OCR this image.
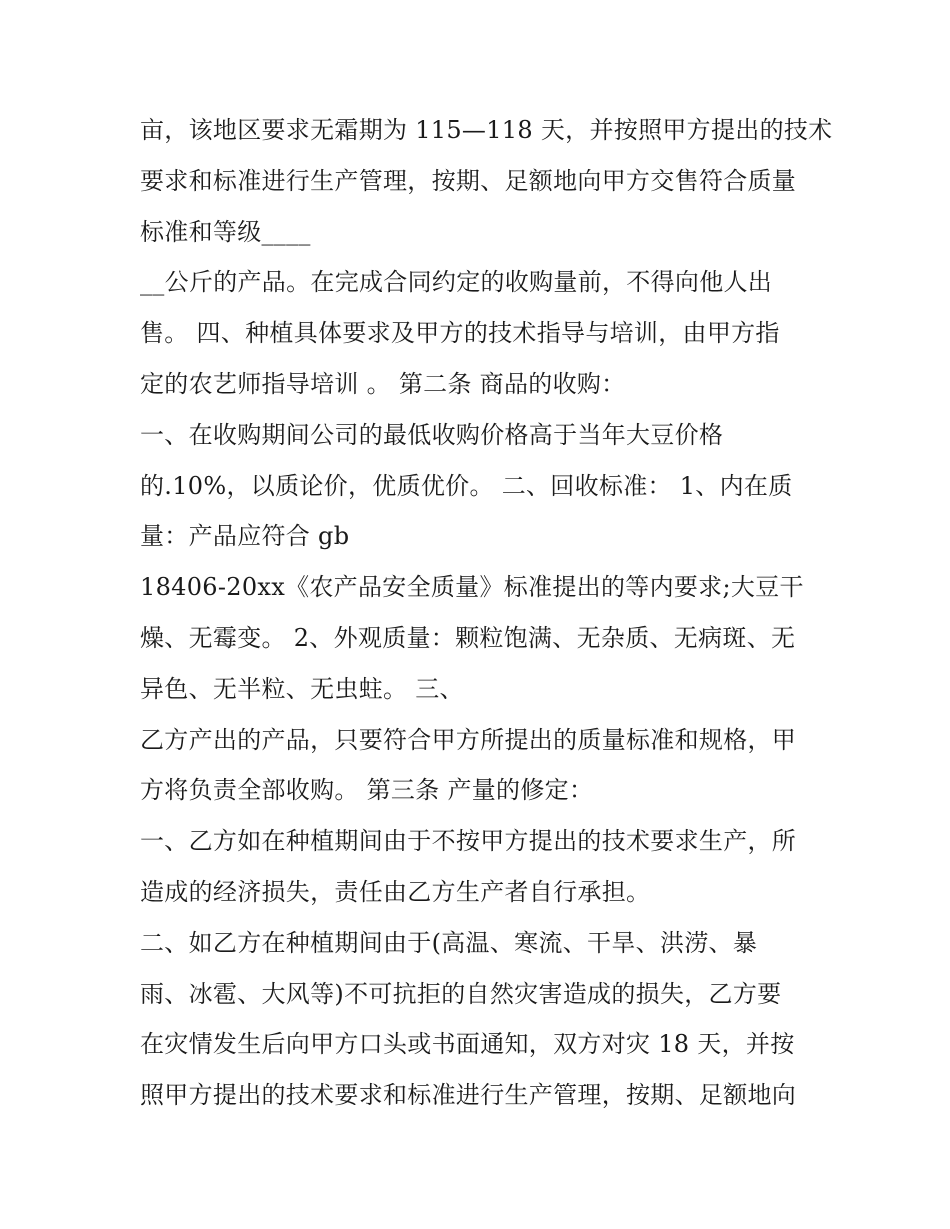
亩，该地区要求无霜期为 115—118 天，并按照甲方提出的技术
要求和标准进行生产管理，按期、足额地向甲方交售符合质量
标准和等级____
__公斤的产品。在完成合同约定的收购量前，不得向他人出
售。 四、种植具体要求及甲方的技术指导与培训，由甲方指
定的农艺师指导培训 。 第二条 商品的收购：
一、在收购期间公司的最低收购价格高于当年大豆价格
的.10%，以质论价，优质优价。 二、回收标准： 1、内在质
量：产品应符合 gb
18406-20xx《农产品安全质量》标准提出的等内要求;大豆干
燥、无霉变。 2、外观质量：颗粒饱满、无杂质、无病斑、无
异色、无半粒、无虫蛀。 三、
乙方产出的产品，只要符合甲方所提出的质量标准和规格，甲
方将负责全部收购。 第三条 产量的修定：
一、乙方如在种植期间由于不按甲方提出的技术要求生产，所
造成的经济损失，责任由乙方生产者自行承担。
二、如乙方在种植期间由于(高温、寒流、干旱、洪涝、暴
雨、冰雹、大风等)不可抗拒的自然灾害造成的损失，乙方要
在灾情发生后向甲方口头或书面通知，双方对灾 18 天，并按
照甲方提出的技术要求和标准进行生产管理，按期、足额地向
